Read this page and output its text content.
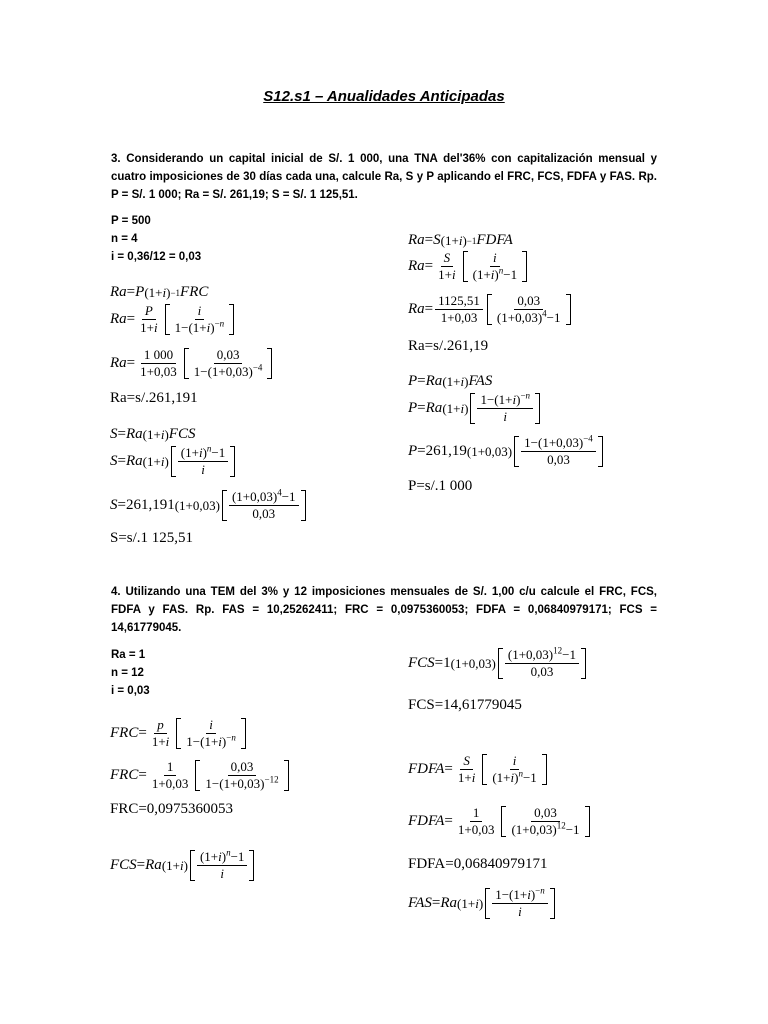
S12.s1 – Anualidades Anticipadas

3. Considerando un capital inicial de S/. 1 000, una TNA del'36% con capitalización mensual y cuatro imposiciones de 30 días cada una, calcule Ra, S y P aplicando el FRC, FCS, FDFA y FAS. Rp. P = S/. 1 000; Ra = S/. 261,19; S = S/. 1 125,51.

P = 500
n = 4
i = 0,36/12 = 0,03
Ra = P (1+i) −1 FRC
$Ra = \frac{P}{1+i} \frac{i}{1-(1+i)^{-n}}$
$Ra = \frac{1 000}{1+0,03} \frac{0,03}{1-(1+0,03)^{-4}}$
Ra=s/.261,191
S = Ra (1+i) FCS
S = Ra $(1+i) \frac{(1+i)^n-1}{i}$
S = 261,191 $(1+0,03) \frac{(1+0,03)^4-1}{0,03}$
S=s/.1 125,51
Ra = S (1+i) −1 FDFA
$Ra = \frac{S}{1+i} \frac{i}{(1+i)^n-1}$
$Ra = \frac{1125,51}{1+0,03} \frac{0,03}{(1+0,03)^4-1}$
Ra=s/.261,19
P = Ra (1+i) FAS
P = Ra $(1+i) \frac{1-(1+i)^{-n}}{i}$
P = 261,19 $(1+0,03) \frac{1-(1+0,03)^{-4}}{0,03}$
P=s/.1 000

4. Utilizando una TEM del 3% y 12 imposiciones mensuales de S/. 1,00 c/u calcule el FRC, FCS, FDFA y FAS. Rp. FAS = 10,25262411; FRC = 0,0975360053; FDFA = 0,06840979171; FCS = 14,61779045.

Ra = 1
n = 12
i = 0,03
FRC = $\frac{p}{1+i} \frac{i}{1-(1+i)^{-n}}$
FRC = $\frac{1}{1+0,03} \frac{0,03}{1-(1+0,03)^{-12}}$
FRC=0,0975360053
FCS = Ra $(1+i) \frac{(1+i)^n-1}{i}$
FCS =1 $(1+0,03) \frac{(1+0,03)^{12}-1}{0,03}$
FCS=14,61779045
FDFA = $\frac{S}{1+i} \frac{i}{(1+i)^n-1}$
FDFA = $\frac{1}{1+0,03} \frac{0,03}{(1+0,03)^{12}-1}$
FDFA=0,06840979171
FAS = Ra $(1+i) \frac{1-(1+i)^{-n}}{i}$
